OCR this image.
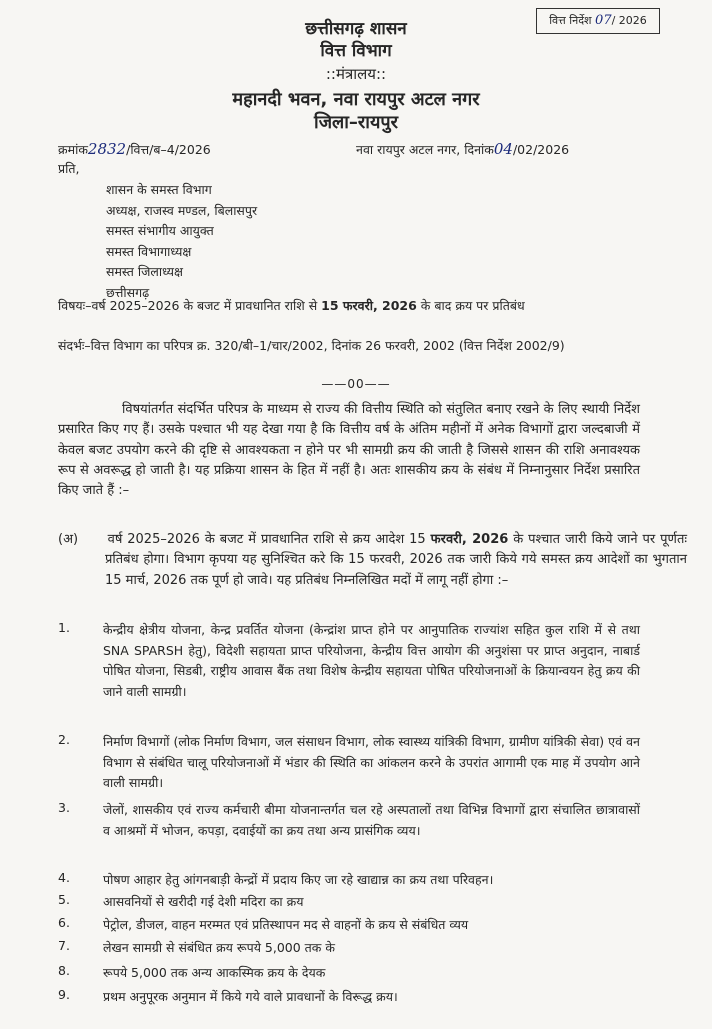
वित्त निर्देश 07/ 2026
छत्तीसगढ़ शासन
वित्त विभाग
::मंत्रालय::
महानदी भवन, नवा रायपुर अटल नगर
जिला–रायपुर
क्रमांक2832/वित्त/ब–4/2026	नवा रायपुर अटल नगर, दिनांक04/02/2026
प्रति,
शासन के समस्त विभाग
अध्यक्ष, राजस्व मण्डल, बिलासपुर
समस्त संभागीय आयुक्त
समस्त विभागाध्यक्ष
समस्त जिलाध्यक्ष
छत्तीसगढ़
विषयः–वर्ष 2025–2026 के बजट में प्रावधानित राशि से 15 फरवरी, 2026 के बाद क्रय पर प्रतिबंध
संदर्भः–वित्त विभाग का परिपत्र क्र. 320/बी–1/चार/2002, दिनांक 26 फरवरी, 2002 (वित्त निर्देश 2002/9)
——00——
विषयांतर्गत संदर्भित परिपत्र के माध्यम से राज्य की वित्तीय स्थिति को संतुलित बनाए रखने के लिए स्थायी निर्देश प्रसारित किए गए हैं। उसके पश्चात भी यह देखा गया है कि वित्तीय वर्ष के अंतिम महीनों में अनेक विभागों द्वारा जल्दबाजी में केवल बजट उपयोग करने की दृष्टि से आवश्यकता न होने पर भी सामग्री क्रय की जाती है जिससे शासन की राशि अनावश्यक रूप से अवरूद्ध हो जाती है। यह प्रक्रिया शासन के हित में नहीं है। अतः शासकीय क्रय के संबंध में निम्नानुसार निर्देश प्रसारित किए जाते हैं :–
(अ) वर्ष 2025–2026 के बजट में प्रावधानित राशि से क्रय आदेश 15 फरवरी, 2026 के पश्चात जारी किये जाने पर पूर्णतः प्रतिबंध होगा। विभाग कृपया यह सुनिश्चित करे कि 15 फरवरी, 2026 तक जारी किये गये समस्त क्रय आदेशों का भुगतान 15 मार्च, 2026 तक पूर्ण हो जावे। यह प्रतिबंध निम्नलिखित मदों में लागू नहीं होगा :–
1.	केन्द्रीय क्षेत्रीय योजना, केन्द्र प्रवर्तित योजना (केन्द्रांश प्राप्त होने पर आनुपातिक राज्यांश सहित कुल राशि में से तथा SNA SPARSH हेतु), विदेशी सहायता प्राप्त परियोजना, केन्द्रीय वित्त आयोग की अनुशंसा पर प्राप्त अनुदान, नाबार्ड पोषित योजना, सिडबी, राष्ट्रीय आवास बैंक तथा विशेष केन्द्रीय सहायता पोषित परियोजनाओं के क्रियान्वयन हेतु क्रय की जाने वाली सामग्री।
2.	निर्माण विभागों (लोक निर्माण विभाग, जल संसाधन विभाग, लोक स्वास्थ्य यांत्रिकी विभाग, ग्रामीण यांत्रिकी सेवा) एवं वन विभाग से संबंधित चालू परियोजनाओं में भंडार की स्थिति का आंकलन करने के उपरांत आगामी एक माह में उपयोग आने वाली सामग्री।
3.	जेलों, शासकीय एवं राज्य कर्मचारी बीमा योजनान्तर्गत चल रहे अस्पतालों तथा विभिन्न विभागों द्वारा संचालित छात्रावासों व आश्रमों में भोजन, कपड़ा, दवाईयों का क्रय तथा अन्य प्रासंगिक व्यय।
4.	पोषण आहार हेतु आंगनबाड़ी केन्द्रों में प्रदाय किए जा रहे खाद्यान्न का क्रय तथा परिवहन।
5.	आसवनियों से खरीदी गई देशी मदिरा का क्रय
6.	पेट्रोल, डीजल, वाहन मरम्मत एवं प्रतिस्थापन मद से वाहनों के क्रय से संबंधित व्यय
7.	लेखन सामग्री से संबंधित क्रय रूपये 5,000 तक के
8.	रूपये 5,000 तक अन्य आकस्मिक क्रय के देयक
9.	प्रथम अनुपूरक अनुमान में किये गये वाले प्रावधानों के विरूद्ध क्रय।
